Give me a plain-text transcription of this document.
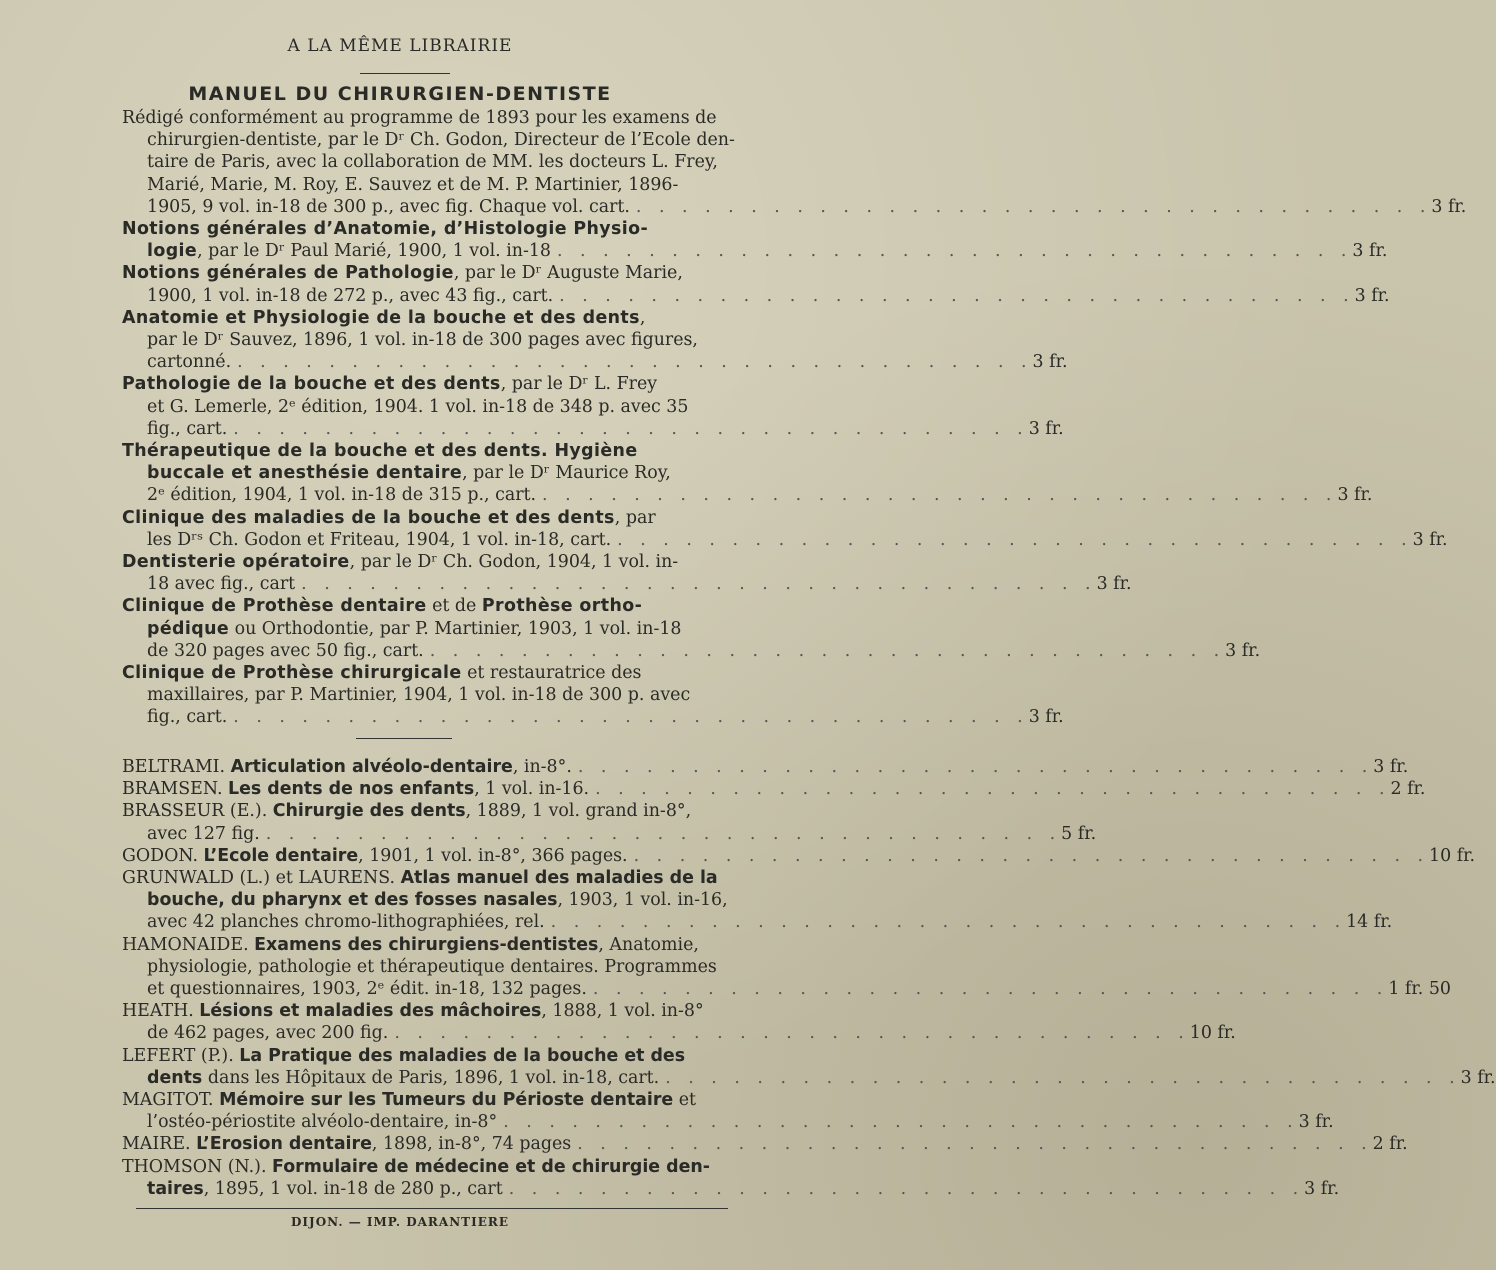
A LA MÊME LIBRAIRIE
MANUEL DU CHIRURGIEN-DENTISTE
Rédigé conformément au programme de 1893 pour les examens de
chirurgien-dentiste, par le Dʳ Ch. Godon, Directeur de l’Ecole den-
taire de Paris, avec la collaboration de MM. les docteurs L. Frey,
Marié, Marie, M. Roy, E. Sauvez et de M. P. Martinier, 1896-
1905, 9 vol. in-18 de 300 p., avec fig. Chaque vol. cart. . . . . . . . . . . . . . . . . . . . . . . . . . . . . . . . . . . . 3 fr.
Notions générales d’Anatomie, d’Histologie Physio-
logie, par le Dʳ Paul Marié, 1900, 1 vol. in-18 . . . . . . . . . . . . . . . . . . . . . . . . . . . . . . . . . . . 3 fr.
Notions générales de Pathologie, par le Dʳ Auguste Marie,
1900, 1 vol. in-18 de 272 p., avec 43 fig., cart. . . . . . . . . . . . . . . . . . . . . . . . . . . . . . . . . . . . 3 fr.
Anatomie et Physiologie de la bouche et des dents,
par le Dʳ Sauvez, 1896, 1 vol. in-18 de 300 pages avec figures,
cartonné. . . . . . . . . . . . . . . . . . . . . . . . . . . . . . . . . . . . 3 fr.
Pathologie de la bouche et des dents, par le Dʳ L. Frey
et G. Lemerle, 2ᵉ édition, 1904. 1 vol. in-18 de 348 p. avec 35
fig., cart. . . . . . . . . . . . . . . . . . . . . . . . . . . . . . . . . . . . 3 fr.
Thérapeutique de la bouche et des dents. Hygiène
buccale et anesthésie dentaire, par le Dʳ Maurice Roy,
2ᵉ édition, 1904, 1 vol. in-18 de 315 p., cart. . . . . . . . . . . . . . . . . . . . . . . . . . . . . . . . . . . . 3 fr.
Clinique des maladies de la bouche et des dents, par
les Dʳˢ Ch. Godon et Friteau, 1904, 1 vol. in-18, cart. . . . . . . . . . . . . . . . . . . . . . . . . . . . . . . . . . . . 3 fr.
Dentisterie opératoire, par le Dʳ Ch. Godon, 1904, 1 vol. in-
18 avec fig., cart . . . . . . . . . . . . . . . . . . . . . . . . . . . . . . . . . . . 3 fr.
Clinique de Prothèse dentaire et de Prothèse ortho-
pédique ou Orthodontie, par P. Martinier, 1903, 1 vol. in-18
de 320 pages avec 50 fig., cart. . . . . . . . . . . . . . . . . . . . . . . . . . . . . . . . . . . . 3 fr.
Clinique de Prothèse chirurgicale et restauratrice des
maxillaires, par P. Martinier, 1904, 1 vol. in-18 de 300 p. avec
fig., cart. . . . . . . . . . . . . . . . . . . . . . . . . . . . . . . . . . . . 3 fr.
BELTRAMI. Articulation alvéolo-dentaire, in-8°. . . . . . . . . . . . . . . . . . . . . . . . . . . . . . . . . . . . 3 fr.
BRAMSEN. Les dents de nos enfants, 1 vol. in-16. . . . . . . . . . . . . . . . . . . . . . . . . . . . . . . . . . . . 2 fr.
BRASSEUR (E.). Chirurgie des dents, 1889, 1 vol. grand in-8°,
avec 127 fig. . . . . . . . . . . . . . . . . . . . . . . . . . . . . . . . . . . . 5 fr.
GODON. L’Ecole dentaire, 1901, 1 vol. in-8°, 366 pages. . . . . . . . . . . . . . . . . . . . . . . . . . . . . . . . . . . . 10 fr.
GRUNWALD (L.) et LAURENS. Atlas manuel des maladies de la
bouche, du pharynx et des fosses nasales, 1903, 1 vol. in-16,
avec 42 planches chromo-lithographiées, rel. . . . . . . . . . . . . . . . . . . . . . . . . . . . . . . . . . . . 14 fr.
HAMONAIDE. Examens des chirurgiens-dentistes, Anatomie,
physiologie, pathologie et thérapeutique dentaires. Programmes
et questionnaires, 1903, 2ᵉ édit. in-18, 132 pages. . . . . . . . . . . . . . . . . . . . . . . . . . . . . . . . . . . . 1 fr. 50
HEATH. Lésions et maladies des mâchoires, 1888, 1 vol. in-8°
de 462 pages, avec 200 fig. . . . . . . . . . . . . . . . . . . . . . . . . . . . . . . . . . . . 10 fr.
LEFERT (P.). La Pratique des maladies de la bouche et des
dents dans les Hôpitaux de Paris, 1896, 1 vol. in-18, cart. . . . . . . . . . . . . . . . . . . . . . . . . . . . . . . . . . . . 3 fr.
MAGITOT. Mémoire sur les Tumeurs du Périoste dentaire et
l’ostéo-périostite alvéolo-dentaire, in-8° . . . . . . . . . . . . . . . . . . . . . . . . . . . . . . . . . . . 3 fr.
MAIRE. L’Erosion dentaire, 1898, in-8°, 74 pages . . . . . . . . . . . . . . . . . . . . . . . . . . . . . . . . . . . 2 fr.
THOMSON (N.). Formulaire de médecine et de chirurgie den-
taires, 1895, 1 vol. in-18 de 280 p., cart . . . . . . . . . . . . . . . . . . . . . . . . . . . . . . . . . . . 3 fr.
DIJON. — IMP. DARANTIERE
